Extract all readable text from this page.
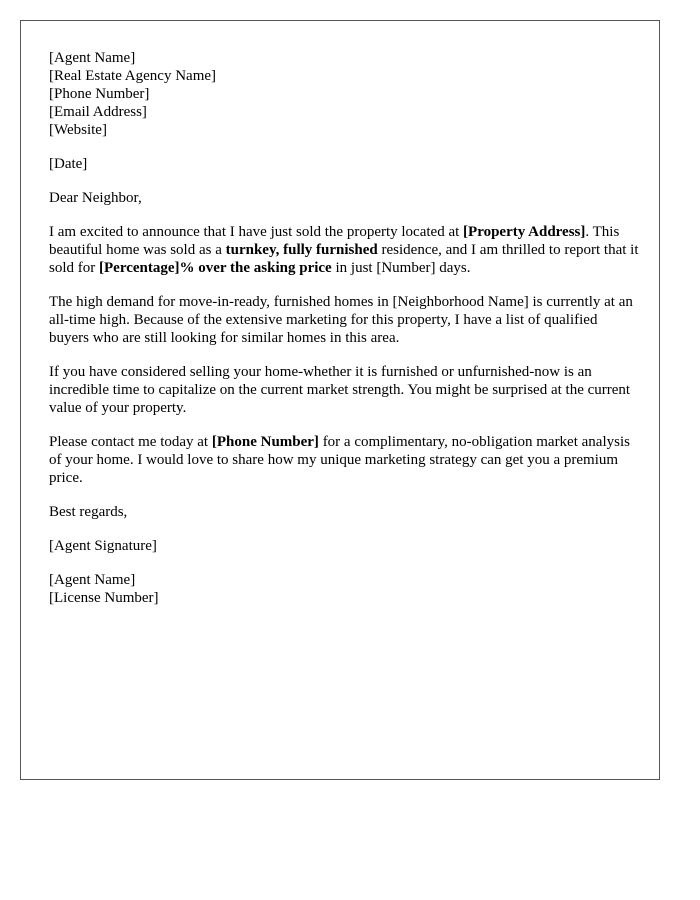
[Agent Name]
[Real Estate Agency Name]
[Phone Number]
[Email Address]
[Website]

[Date]

Dear Neighbor,

I am excited to announce that I have just sold the property located at [Property Address]. This beautiful home was sold as a turnkey, fully furnished residence, and I am thrilled to report that it sold for [Percentage]% over the asking price in just [Number] days.

The high demand for move-in-ready, furnished homes in [Neighborhood Name] is currently at an all-time high. Because of the extensive marketing for this property, I have a list of qualified buyers who are still looking for similar homes in this area.

If you have considered selling your home-whether it is furnished or unfurnished-now is an incredible time to capitalize on the current market strength. You might be surprised at the current value of your property.

Please contact me today at [Phone Number] for a complimentary, no-obligation market analysis of your home. I would love to share how my unique marketing strategy can get you a premium price.

Best regards,

[Agent Signature]

[Agent Name]
[License Number]
